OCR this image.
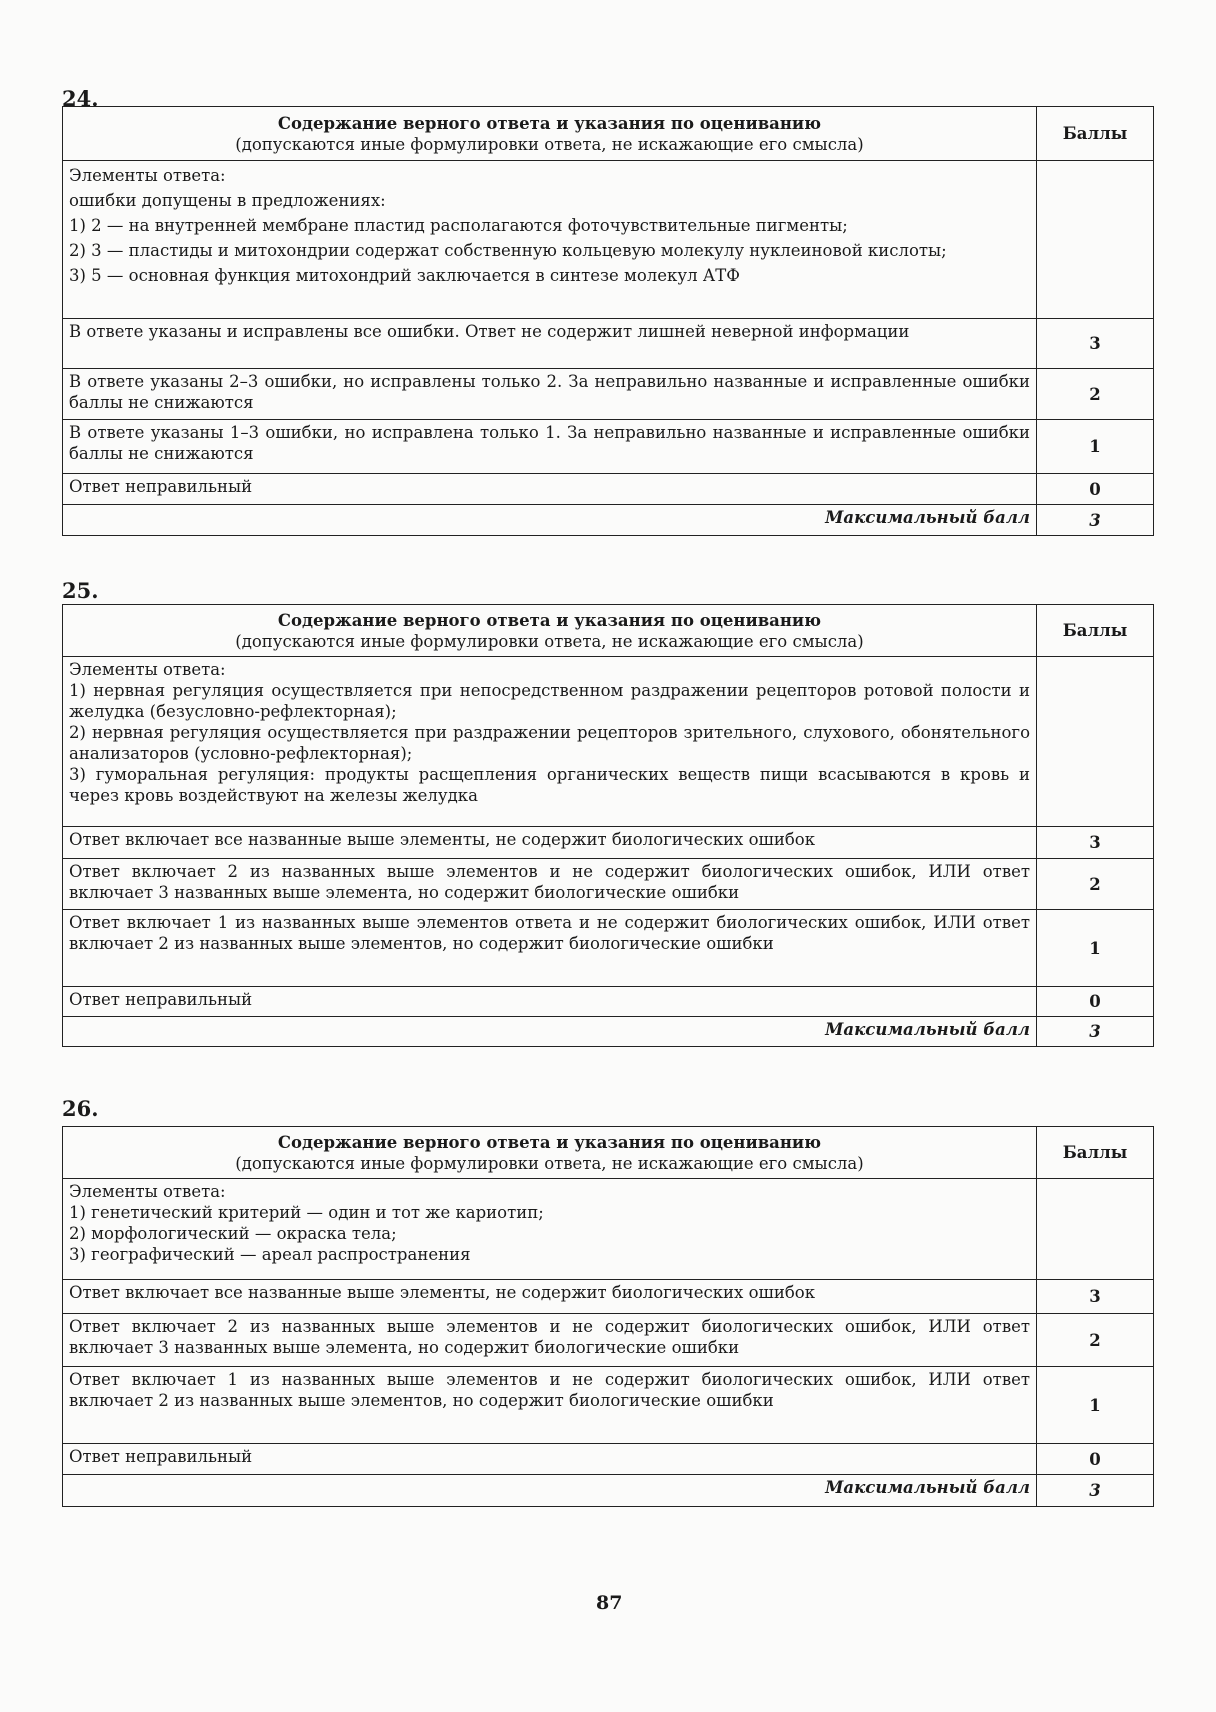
24.
Содержание верного ответа и указания по оцениванию
(допускаются иные формулировки ответа, не искажающие его смысла)	Баллы

Элементы ответа:
ошибки допущены в предложениях:
1) 2 — на внутренней мембране пластид располагаются фоточувствительные пигменты;
2) 3 — пластиды и митохондрии содержат собственную кольцевую молекулу нуклеиновой кислоты;
3) 5 — основная функция митохондрий заключается в синтезе молекул АТФ	

В ответе указаны и исправлены все ошибки. Ответ не содержит лишней неверной информации	3
В ответе указаны 2–3 ошибки, но исправлены только 2. За неправильно названные и исправленные ошибки баллы не снижаются	2
В ответе указаны 1–3 ошибки, но исправлена только 1. За неправильно названные и исправленные ошибки баллы не снижаются	1
Ответ неправильный	0
Максимальный балл	3
25.
Содержание верного ответа и указания по оцениванию
(допускаются иные формулировки ответа, не искажающие его смысла)	Баллы

Элементы ответа:
1) нервная регуляция осуществляется при непосредственном раздражении рецепторов ротовой полости и желудка (безусловно-рефлекторная);
2) нервная регуляция осуществляется при раздражении рецепторов зрительного, слухового, обонятельного анализаторов (условно-рефлекторная);
3) гуморальная регуляция: продукты расщепления органических веществ пищи всасываются в кровь и через кровь воздействуют на железы желудка	

Ответ включает все названные выше элементы, не содержит биологических ошибок	3
Ответ включает 2 из названных выше элементов и не содержит биологических ошибок, ИЛИ ответ включает 3 названных выше элемента, но содержит биологические ошибки	2
Ответ включает 1 из названных выше элементов ответа и не содержит биологических ошибок, ИЛИ ответ включает 2 из названных выше элементов, но содержит биологические ошибки	1
Ответ неправильный	0
Максимальный балл	3
26.
Содержание верного ответа и указания по оцениванию
(допускаются иные формулировки ответа, не искажающие его смысла)	Баллы

Элементы ответа:
1) генетический критерий — один и тот же кариотип;
2) морфологический — окраска тела;
3) географический — ареал распространения	

Ответ включает все названные выше элементы, не содержит биологических ошибок	3
Ответ включает 2 из названных выше элементов и не содержит биологических ошибок, ИЛИ ответ включает 3 названных выше элемента, но содержит биологические ошибки	2
Ответ включает 1 из названных выше элементов и не содержит биологических ошибок, ИЛИ ответ включает 2 из названных выше элементов, но содержит биологические ошибки	1
Ответ неправильный	0
Максимальный балл	3
87
